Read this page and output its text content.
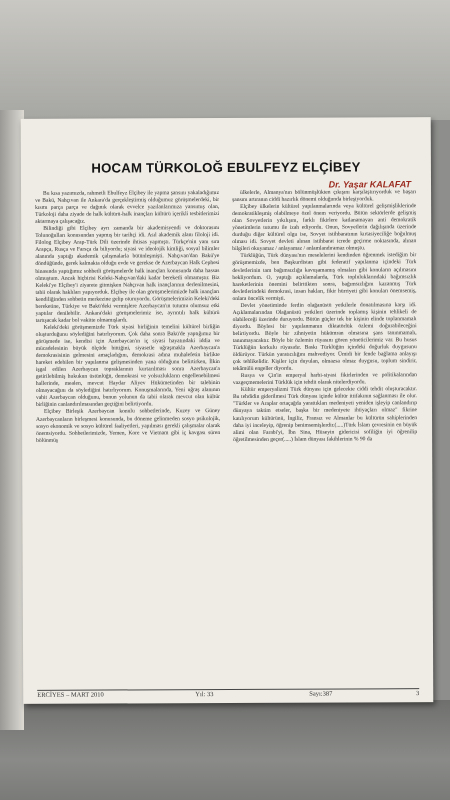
HOCAM TÜRKOLOĞ EBULFEYZ ELÇİBEY
Dr. Yaşar KALAFAT

Bu kısa yazımızda, rahmetli Ebulfeyz Elçibey ile yapma şansını yakaladığımız ve Bakü, Nahçıvan ile Ankara'da gerçekleştirmiş olduğumuz görüşmelerdeki, bir kısmı parça parça ve dağınık olarak evvelce yazılanlarımıza yansımış olan, Türkoloji daha ziyade de halk kültürü-halk inançları kültürü içerikli tesbitlerimizi aktarmaya çalışacağız.

Bilindiği gibi Elçibey ayrı zamanda bir akademisyendi ve doktorasını Tolunoğulları konusundan yapmış bir tarihçi idi. Asıl akademik alanı filoloji idi. Filolog Elçibey Arap-Türk Dili üzerinde ihtisas yapmıştı. Türkçe'nin yanı sıra Arapça, Rusça ve Farsça da biliyordu; siyasi ve ideolojik kimliği, sosyal bilimler alanında yaptığı akademik çalışmalarla bütünleşmişti. Nahçıvan'dan Bakü'ye döndüğünde, gerek kalmakta olduğu evde ve gerekse de Azerbaycan Halk Cephesi binasında yaptığımız sohbetli görüşmelerde halk inançları konusunda daha hassas olmuştum. Ancak hiçbirisi Keleki-Nahçıvan'daki kadar bereketli olmamıştır. Biz Keleki'ye Elçibey'i ziyarete gitmişken Nahçıvan halk inançlarının derlenilmesini, tabii olarak haklıları yapıyorduk. Elçibey ile olan görüşmelerimizde halk inançları kendiliğinden sohbetin merkezine gelip oturuyordu. Görüşmelerimizin Keleki'deki bereketine, Türkiye ve Bakü'deki vermişlere Azerbaycan'ın tutumu olumsuz etki yaptılar denilebilir. Ankara'daki görüşmelerimiz ise, ayrıntılı halk kültürü tartışacak kadar bol vakitte olmamışlardı.

Keleki'deki görüşmemizde Türk siyasi birliğinin temelini kültürel birliğin oluşturduğunu söylediğini hatırlıyorum. Çok daha sonra Bakü'de yaptığımız bir görüşmede ise, kendisi için Azerbaycan'ın iç siyasi hayatındaki iddia ve mücadelesinin büyük ölçüde bittiğini, siyasetle uğraşmakla Azerbaycan'a demokrasisinin gelmesini amaçladığını, demokrasi adına muhalefetin birlikte hareket edebilen bir yapılanma gelişmesinden yana olduğunu belirtirken, İlkin işgal edilen Azerbaycan topraklarının kurtarılması sonra Azerbaycan'a getirilebilmiş hukukun üstünlüğü, demokrasi ve yolsuzlukların engellenebilmesi hallerinde, mealen, mevcut Haydar Aliyev Hükümetinden bir talebinin olmayacağını da söylediğini hatırlıyorum. Konuşmalarında, Yeni uğraş alanının vahit Azerbaycan olduğunu, bunun yolunun da tabii olarak mevcut olan kültür birliğinin canlandırılmasından geçtiğini belirtiyordu.

Elçibey Birleşik Azerbaycan konulu sohbetlerinde, Kuzey ve Güney Azerbaycanların birleşmesi konusunda, bu döneme gelinmeden sosyo psikolojik, sosyo ekonomik ve sosyo kültürel faaliyetleri, yapılması gerekli çalışmalar olarak önemsiyordu. Sohbetlerimizde, Yemen, Kore ve Vietnam gibi iç kavgası süren bölünmüş

ülkelerle, Almanya'nın bölünmüşlükten çıkışını karşılaştırıyorduk ve başarı şansını artıranın ciddi hazırlık dönemi olduğunda birleşiyorduk.

Elçibey ülkelerin kültürel yapılanmalarında veya kültürel gelişmişliklerinde demokratikleşmiş olabilmeye özel önem veriyordu. Bütün sektörlerde gelişmiş olan Sovyetlerin yıkılışını, farklı fikirlere katlanamayan anti demokratik yönetimlerin tutumu ile izah ediyordu. Onun, Sovyetlerin dağılışında üzerinde durduğu diğer kültürel olgu ise, Sovyet istihbaratının kırtasiyeciliğe boğulmuş olması idi. Sovyet devleti alınan istihbarat icrede geçirme noktasında, alınan bilgileri okuyamaz / anlayamaz / anlamlandıramaz olmuştu.

Türklüğün, Türk dünyası'nın meselelerini kendinden öğrenmek istediğim bir görüşmemizde, ben Başkurdistan gibi federatif yapılanma içindeki Türk devletlerinin tam bağımsızlığa kavuşamamış olmaları gibi konuların açılmasını bekliyordum. O, yaptığı açıklamalarda, Türk topluluklarındaki bağımsızlık hareketlerinin önemini belirttikten sonra, bağımsızlığını kazanmış Türk devletlerindeki demokrasi, insan hakları, fikir hürriyeti gibi konuları önemsemiş, onlara öncelik vermişti.

Devlet yönetiminde ferdin olağanüstü yetkilerle donatılmasına karşı idi. Açıklamalarından Olağanüstü yetkileri üzerinde toplamış kişinin tehlikeli de olabileceği üzerinde duruyordu. Bütün güçler tek bir kişinin elinde toplanmamalı diyordu. Böylesi bir yapılanmanın diktatörlük özlemi doğurabileceğini belirtiyordu. Böyle bir zihniyetin hükümran olmasına şans tanınmamalı, tanınmayacaktır. Böyle bir özlemin rüyasını gören yöneticilerimiz var. Bu husus Türklüğün korkulu rüyasıdır. Baskı Türklüğün içindeki doğurluk duygusunu öldürüyor. Türkün yaratıcılığını mahvediyor. Ümidi bir fende bağlama anlayışı çok tehlikelidir. Kişiler için duyulan, olmazsa olmaz duygusu, toplum sindirir, tekâmülü engeller diyordu.

Rusya ve Çin'in emperyal harbi-siyasi fikirlerinden ve politikalarından vazgeçmemelerini Türklük için tehdit olarak nitelerdiyordu.

Kültür emperyalizmi Türk dünyası için gelecekte ciddi tehdit oluşturacaktır. Bu tehdidin giderilmesi Türk dünyası içinde kültür ittifakının sağlanması ile olur. "Türkler ve Araplar ortaçağda yarattıkları medeniyeti yeniden işleyip canlandırıp dünyaya taktim etseler, başka bir medeniyete ihtiyaçları olmaz" fikrine katılıyorum kültürünü, İngiliz, Fransız ve Almanlar bu kültürün sahiplerinden daha iyi inceleyip, öğrenip benimsemişlerdir.(.....)Türk İslam çevresinin en büyük alimi olan Farabi'yi, İbn Sina, Hüseyin gidericisi sofiliğin iyi öğrenilip öğretilmesinden geçer(.....) İslam dünyası fakihlerinin % 90 da

ERCİYES – MART 2010	Yıl: 33	Sayı:387	3
